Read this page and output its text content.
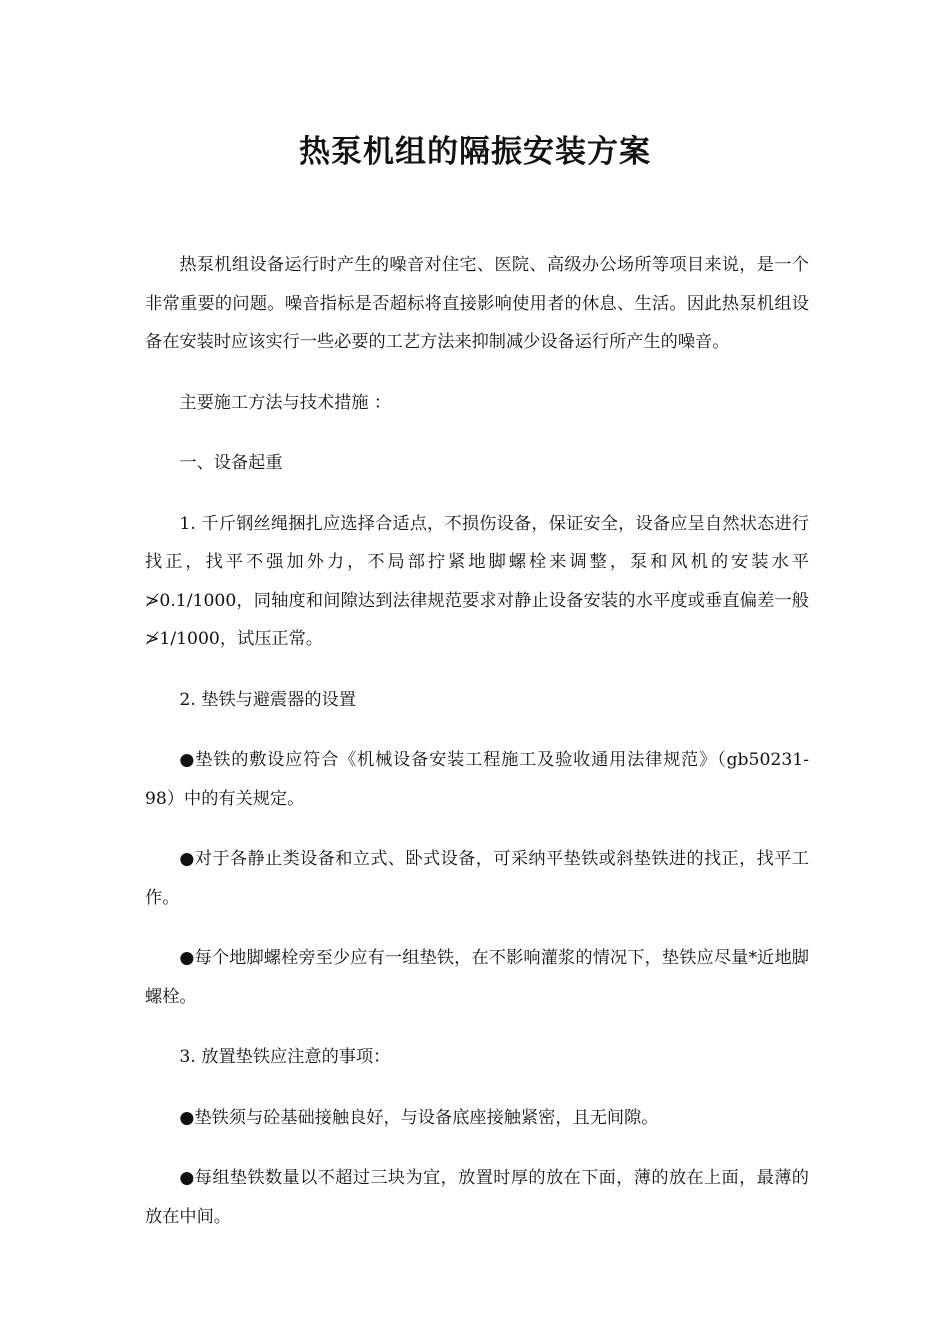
热泵机组的隔振安装方案

热泵机组设备运行时产生的噪音对住宅、医院、高级办公场所等项目来说，是一个非常重要的问题。噪音指标是否超标将直接影响使用者的休息、生活。因此热泵机组设备在安装时应该实行一些必要的工艺方法来抑制减少设备运行所产生的噪音。

主要施工方法与技术措施 ：

一、设备起重

1. 千斤钢丝绳捆扎应选择合适点，不损伤设备，保证安全，设备应呈自然状态进行找正，找平不强加外力，不局部拧紧地脚螺栓来调整，泵和风机的安装水平≯0.1/1000，同轴度和间隙达到法律规范要求对静止设备安装的水平度或垂直偏差一般≯1/1000，试压正常。

2. 垫铁与避震器的设置

●垫铁的敷设应符合《机械设备安装工程施工及验收通用法律规范》（gb50231-98）中的有关规定。

●对于各静止类设备和立式、卧式设备，可采纳平垫铁或斜垫铁进的找正，找平工作。

●每个地脚螺栓旁至少应有一组垫铁，在不影响灌浆的情况下，垫铁应尽量*近地脚螺栓。

3. 放置垫铁应注意的事项：

●垫铁须与砼基础接触良好，与设备底座接触紧密，且无间隙。

●每组垫铁数量以不超过三块为宜，放置时厚的放在下面，薄的放在上面，最薄的放在中间。
